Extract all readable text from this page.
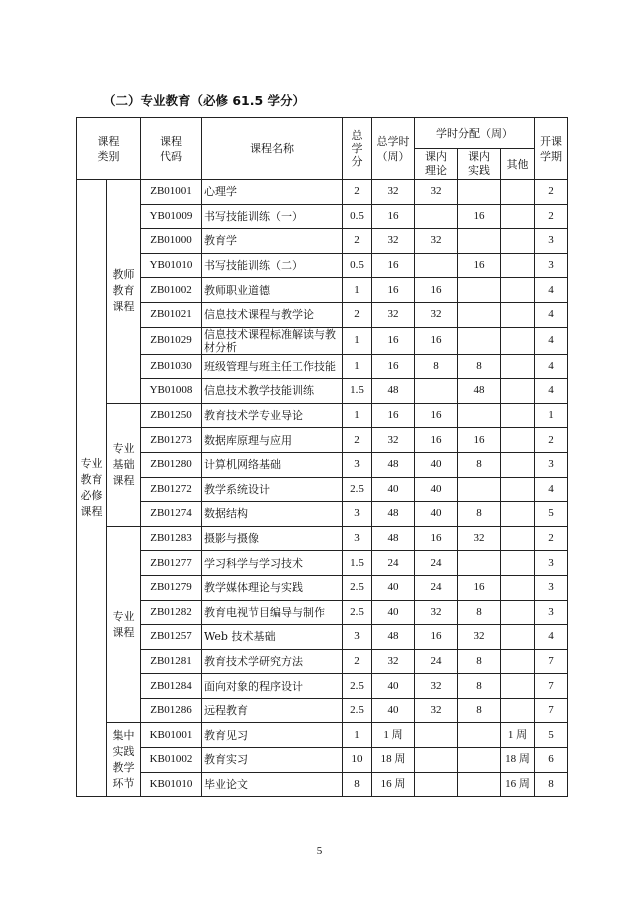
（二）专业教育（必修 61.5 学分）
课程类别		课程代码	课程名称	总学分	总学时（周）	学时分配（周）			开课学期
						课内理论	课内实践	其他	
专业教育必修课程	教师教育课程	ZB01001	心理学	2	32	32			2
		YB01009	书写技能训练（一）	0.5	16		16		2
		ZB01000	教育学	2	32	32			3
		YB01010	书写技能训练（二）	0.5	16		16		3
		ZB01002	教师职业道德	1	16	16			4
		ZB01021	信息技术课程与教学论	2	32	32			4
		ZB01029	信息技术课程标准解读与教材分析	1	16	16			4
		ZB01030	班级管理与班主任工作技能	1	16	8	8		4
		YB01008	信息技术教学技能训练	1.5	48		48		4
	专业基础课程	ZB01250	教育技术学专业导论	1	16	16			1
		ZB01273	数据库原理与应用	2	32	16	16		2
		ZB01280	计算机网络基础	3	48	40	8		3
		ZB01272	教学系统设计	2.5	40	40			4
		ZB01274	数据结构	3	48	40	8		5
	专业课程	ZB01283	摄影与摄像	3	48	16	32		2
		ZB01277	学习科学与学习技术	1.5	24	24			3
		ZB01279	教学媒体理论与实践	2.5	40	24	16		3
		ZB01282	教育电视节目编导与制作	2.5	40	32	8		3
		ZB01257	Web 技术基础	3	48	16	32		4
		ZB01281	教育技术学研究方法	2	32	24	8		7
		ZB01284	面向对象的程序设计	2.5	40	32	8		7
		ZB01286	远程教育	2.5	40	32	8		7
	集中实践教学环节	KB01001	教育见习	1	1 周			1 周	5
		KB01002	教育实习	10	18 周			18 周	6
		KB01010	毕业论文	8	16 周			16 周	8
5
